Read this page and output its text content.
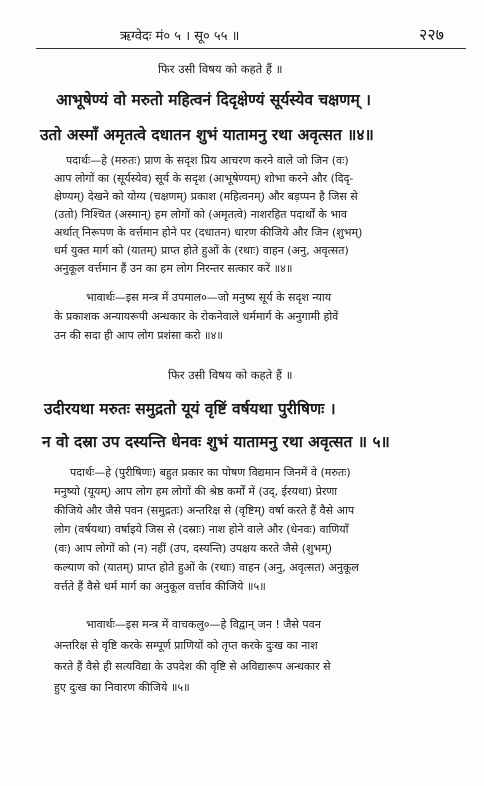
ऋग्वेदः मं० ५ । सू० ५५ ॥	२२७
फिर उसी विषय को कहते हैं ॥
आभूषेण्यं वो मरुतो महित्वनं दिदृक्षेण्यं सूर्यस्येव चक्षणम् ।
उतो अस्माँ अमृतत्वे दधातन शुभं यातामनु रथा अवृत्सत ॥४॥
पदार्थः—हे (मरुतः) प्राण के सदृश प्रिय आचरण करने वाले जो जिन (वः)
आप लोगों का (सूर्यस्येव) सूर्य के सदृश (आभूषेण्यम्) शोभा करने और (दिदृ-
क्षेण्यम्) देखने को योग्य (चक्षणम्) प्रकाश (महित्वनम्) और बड़प्पन है जिस से
(उतो) निश्चित (अस्मान्) हम लोगों को (अमृतत्वे) नाशरहित पदार्थों के भाव
अर्थात् निरूपण के वर्त्तमान होने पर (दधातन) धारण कीजिये और जिन (शुभम्)
धर्म युक्त मार्ग को (यातम्) प्राप्त होते हुओं के (रथाः) वाहन (अनु, अवृत्सत)
अनुकूल वर्त्तमान हैं उन का हम लोग निरन्तर सत्कार करें ॥४॥
भावार्थः—इस मन्त्र में उपमाल०—जो मनुष्य सूर्य के सदृश न्याय
के प्रकाशक अन्यायरूपी अन्धकार के रोकनेवाले धर्ममार्ग के अनुगामी होवें
उन की सदा ही आप लोग प्रशंसा करो ॥४॥
फिर उसी विषय को कहते हैं ॥
उदीरयथा मरुतः समुद्रतो यूयं वृष्टिं वर्षयथा पुरीषिणः ।
न वो दस्रा उप दस्यन्ति धेनवः शुभं यातामनु रथा अवृत्सत ॥ ५॥
पदार्थः—हे (पुरीषिणः) बहुत प्रकार का पोषण विद्यमान जिनमें वे (मरुतः)
मनुष्यो (यूयम्) आप लोग हम लोगों की श्रेष्ठ कर्मों में (उद्, ईरयथा) प्रेरणा
कीजिये और जैसे पवन (समुद्रतः) अन्तरिक्ष से (वृष्टिम्) वर्षा करते हैं वैसे आप
लोग (वर्षयथा) वर्षाइये जिस से (दस्राः) नाश होने वाले और (धेनवः) वाणियाँ
(वः) आप लोगों को (न) नहीं (उप, दस्यन्ति) उपक्षय करते जैसे (शुभम्)
कल्याण को (यातम्) प्राप्त होते हुओं के (रथाः) वाहन (अनु, अवृत्सत) अनुकूल
वर्त्तते हैं वैसे धर्म मार्ग का अनुकूल वर्त्ताव कीजिये ॥५॥
भावार्थः—इस मन्त्र में वाचकलु०—हे विद्वान् जन ! जैसे पवन
अन्तरिक्ष से वृष्टि करके सम्पूर्ण प्राणियों को तृप्त करके दुःख का नाश
करते हैं वैसे ही सत्यविद्या के उपदेश की वृष्टि से अविद्यारूप अन्धकार से
हुए दुःख का निवारण कीजिये ॥५॥
